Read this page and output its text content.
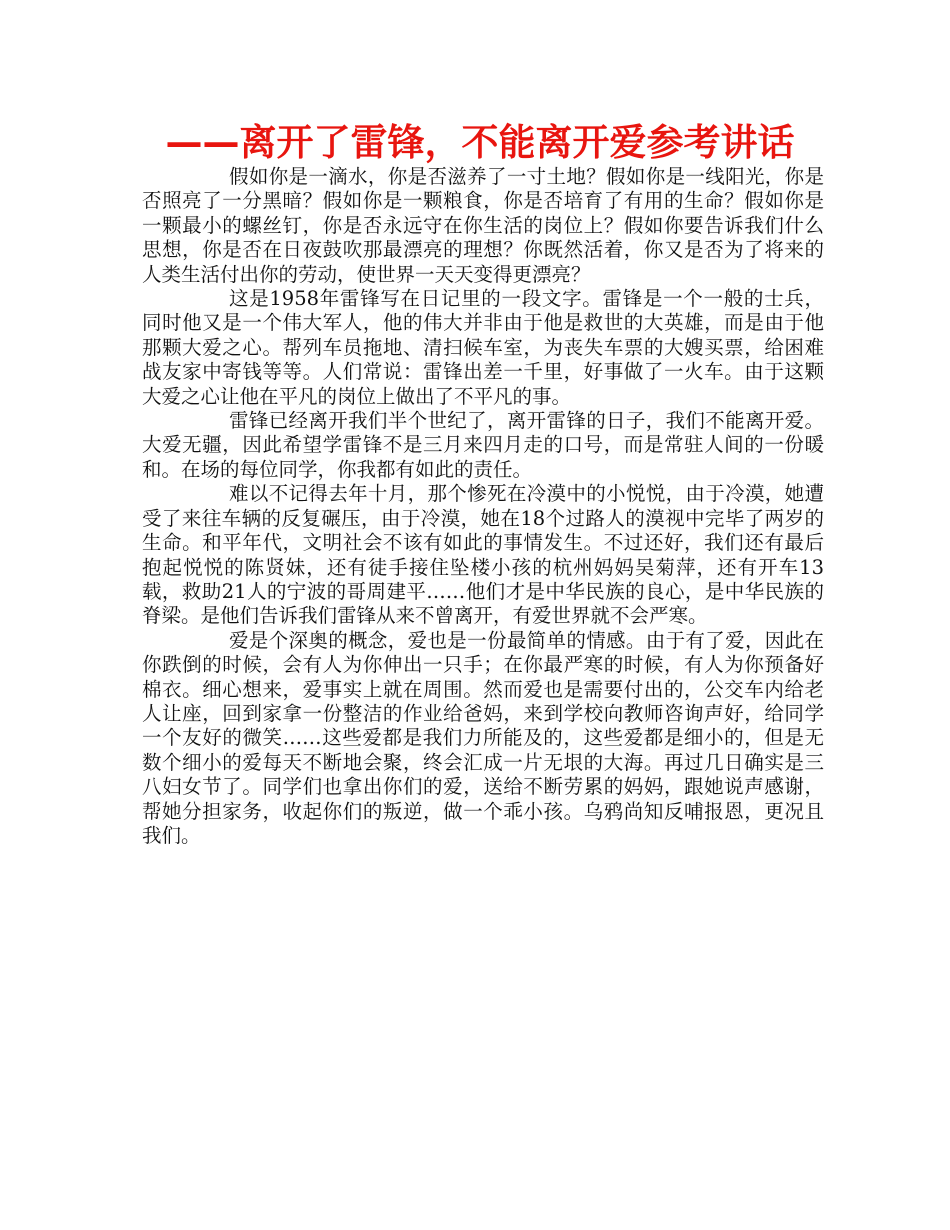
——离开了雷锋，不能离开爱参考讲话

假如你是一滴水，你是否滋养了一寸土地？假如你是一线阳光，你是否照亮了一分黑暗？假如你是一颗粮食，你是否培育了有用的生命？假如你是一颗最小的螺丝钉，你是否永远守在你生活的岗位上？假如你要告诉我们什么思想，你是否在日夜鼓吹那最漂亮的理想？你既然活着，你又是否为了将来的人类生活付出你的劳动，使世界一天天变得更漂亮？

这是1958年雷锋写在日记里的一段文字。雷锋是一个一般的士兵，同时他又是一个伟大军人，他的伟大并非由于他是救世的大英雄，而是由于他那颗大爱之心。帮列车员拖地、清扫候车室，为丧失车票的大嫂买票，给困难战友家中寄钱等等。人们常说：雷锋出差一千里，好事做了一火车。由于这颗大爱之心让他在平凡的岗位上做出了不平凡的事。

雷锋已经离开我们半个世纪了，离开雷锋的日子，我们不能离开爱。大爱无疆，因此希望学雷锋不是三月来四月走的口号，而是常驻人间的一份暖和。在场的每位同学，你我都有如此的责任。

难以不记得去年十月，那个惨死在冷漠中的小悦悦，由于冷漠，她遭受了来往车辆的反复碾压，由于冷漠，她在18个过路人的漠视中完毕了两岁的生命。和平年代，文明社会不该有如此的事情发生。不过还好，我们还有最后抱起悦悦的陈贤妹，还有徒手接住坠楼小孩的杭州妈妈吴菊萍，还有开车13载，救助21人的宁波的哥周建平……他们才是中华民族的良心，是中华民族的脊梁。是他们告诉我们雷锋从来不曾离开，有爱世界就不会严寒。

爱是个深奥的概念，爱也是一份最简单的情感。由于有了爱，因此在你跌倒的时候，会有人为你伸出一只手；在你最严寒的时候，有人为你预备好棉衣。细心想来，爱事实上就在周围。然而爱也是需要付出的，公交车内给老人让座，回到家拿一份整洁的作业给爸妈，来到学校向教师咨询声好，给同学一个友好的微笑……这些爱都是我们力所能及的，这些爱都是细小的，但是无数个细小的爱每天不断地会聚，终会汇成一片无垠的大海。再过几日确实是三八妇女节了。同学们也拿出你们的爱，送给不断劳累的妈妈，跟她说声感谢，帮她分担家务，收起你们的叛逆，做一个乖小孩。乌鸦尚知反哺报恩，更况且我们。
